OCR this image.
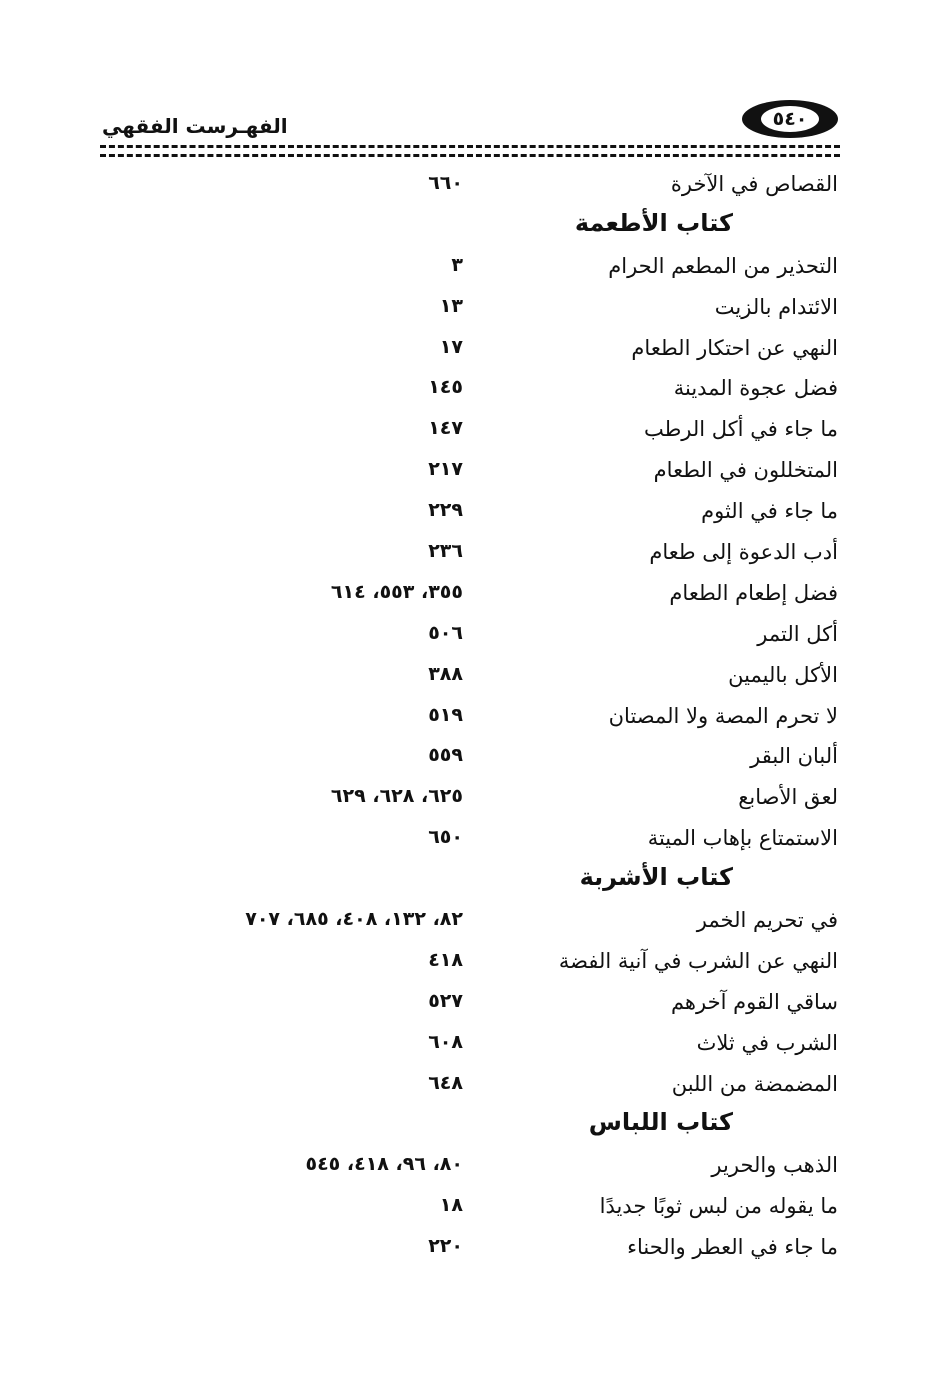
٥٤٠
الفهـرست الفقهي
القصاص في الآخرة
٦٦٠
كتاب الأطعمة
التحذير من المطعم الحرام
٣
الائتدام بالزيت
١٣
النهي عن احتكار الطعام
١٧
فضل عجوة المدينة
١٤٥
ما جاء في أكل الرطب
١٤٧
المتخللون في الطعام
٢١٧
ما جاء في الثوم
٢٢٩
أدب الدعوة إلى طعام
٢٣٦
فضل إطعام الطعام
٣٥٥، ٥٥٣، ٦١٤
أكل التمر
٥٠٦
الأكل باليمين
٣٨٨
لا تحرم المصة ولا المصتان
٥١٩
ألبان البقر
٥٥٩
لعق الأصابع
٦٢٥، ٦٢٨، ٦٢٩
الاستمتاع بإهاب الميتة
٦٥٠
كتاب الأشربة
في تحريم الخمر
٨٢، ١٣٢، ٤٠٨، ٦٨٥، ٧٠٧
النهي عن الشرب في آنية الفضة
٤١٨
ساقي القوم آخرهم
٥٢٧
الشرب في ثلاث
٦٠٨
المضمضة من اللبن
٦٤٨
كتاب اللباس
الذهب والحرير
٨٠، ٩٦، ٤١٨، ٥٤٥
ما يقوله من لبس ثوبًا جديدًا
١٨
ما جاء في العطر والحناء
٢٢٠
